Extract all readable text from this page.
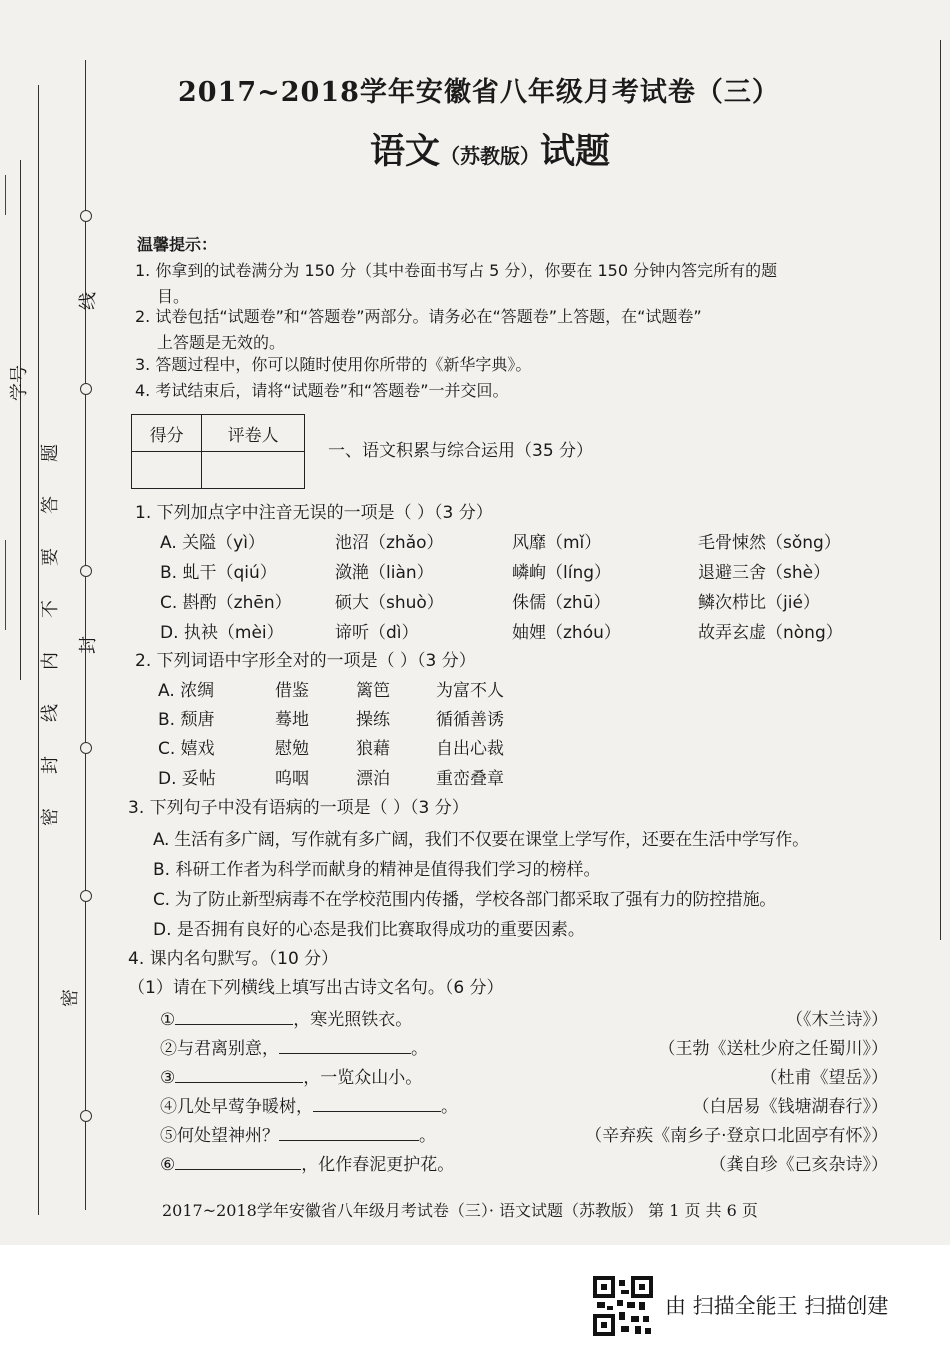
线
学号
题
答
要
不
内
封
线
封
密
密
2017~2018学年安徽省八年级月考试卷（三）
语文（苏教版）试题
温馨提示：
1. 你拿到的试卷满分为 150 分（其中卷面书写占 5 分），你要在 150 分钟内答完所有的题
目。
2. 试卷包括“试题卷”和“答题卷”两部分。请务必在“答题卷”上答题，在“试题卷”
上答题是无效的。
3. 答题过程中，你可以随时使用你所带的《新华字典》。
4. 考试结束后，请将“试题卷”和“答题卷”一并交回。
得分	评卷人

一、语文积累与综合运用（35 分）
1. 下列加点字中注音无误的一项是（ ）（3 分）
A. 关隘（yì）	池沼（zhǎo）	风靡（mǐ）	毛骨悚然（sǒng）
B. 虬干（qiú）	潋滟（liàn）	嶙峋（líng）	退避三舍（shè）
C. 斟酌（zhēn）	硕大（shuò）	侏儒（zhū）	鳞次栉比（jié）
D. 执袂（mèi）	谛听（dì）	妯娌（zhóu）	故弄玄虚（nòng）
2. 下列词语中字形全对的一项是（ ）（3 分）
A. 浓绸	借鉴	篱笆	为富不人
B. 颓唐	蓦地	操练	循循善诱
C. 嬉戏	慰勉	狼藉	自出心裁
D. 妥帖	呜咽	漂泊	重峦叠章
3. 下列句子中没有语病的一项是（ ）（3 分）
A. 生活有多广阔，写作就有多广阔，我们不仅要在课堂上学写作，还要在生活中学写作。
B. 科研工作者为科学而献身的精神是值得我们学习的榜样。
C. 为了防止新型病毒不在学校范围内传播，学校各部门都采取了强有力的防控措施。
D. 是否拥有良好的心态是我们比赛取得成功的重要因素。
4. 课内名句默写。（10 分）
（1）请在下列横线上填写出古诗文名句。（6 分）
①	，寒光照铁衣。
②与君离别意，	。
③	，一览众山小。
④几处早莺争暖树，	。
⑤何处望神州？	。
⑥	，化作春泥更护花。
（《木兰诗》）
（王勃《送杜少府之任蜀川》）
（杜甫《望岳》）
（白居易《钱塘湖春行》）
（辛弃疾《南乡子·登京口北固亭有怀》）
（龚自珍《己亥杂诗》）
2017~2018学年安徽省八年级月考试卷（三）· 语文试题（苏教版） 第 1 页 共 6 页
由 扫描全能王 扫描创建
